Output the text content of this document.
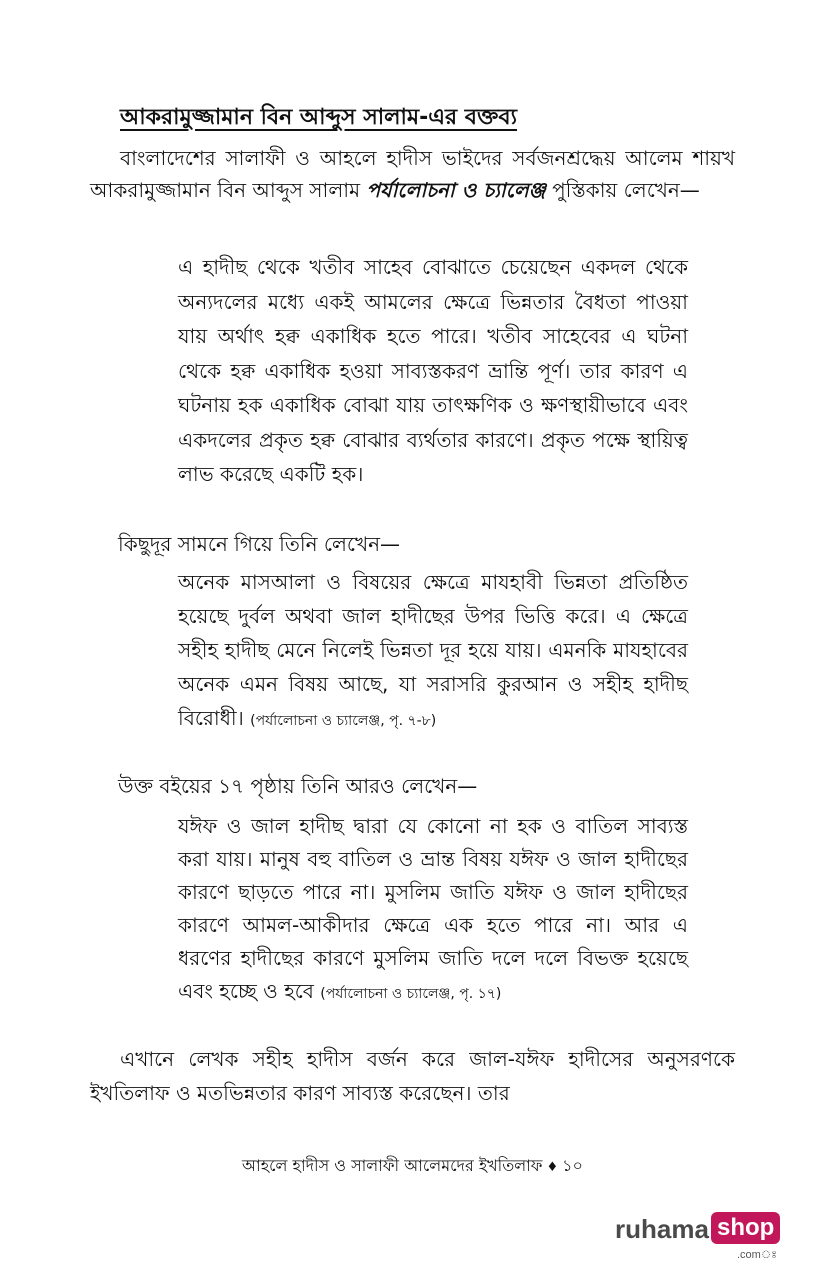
আকরামুজ্জামান বিন আব্দুস সালাম-এর বক্তব্য
বাংলাদেশের সালাফী ও আহলে হাদীস ভাইদের সর্বজনশ্রদ্ধেয় আলেম শায়খ আকরামুজ্জামান বিন আব্দুস সালাম পর্যালোচনা ও চ্যালেঞ্জ পুস্তিকায় লেখেন—
এ হাদীছ থেকে খতীব সাহেব বোঝাতে চেয়েছেন একদল থেকে অন্যদলের মধ্যে একই আমলের ক্ষেত্রে ভিন্নতার বৈধতা পাওয়া যায় অর্থাৎ হক্ব একাধিক হতে পারে। খতীব সাহেবের এ ঘটনা থেকে হক্ব একাধিক হওয়া সাব্যস্তকরণ ভ্রান্তি পূর্ণ। তার কারণ এ ঘটনায় হক একাধিক বোঝা যায় তাৎক্ষণিক ও ক্ষণস্থায়ীভাবে এবং একদলের প্রকৃত হক্ব বোঝার ব্যর্থতার কারণে। প্রকৃত পক্ষে স্থায়িত্ব লাভ করেছে একটি হক।
কিছুদূর সামনে গিয়ে তিনি লেখেন—
অনেক মাসআলা ও বিষয়ের ক্ষেত্রে মাযহাবী ভিন্নতা প্রতিষ্ঠিত হয়েছে দুর্বল অথবা জাল হাদীছের উপর ভিত্তি করে। এ ক্ষেত্রে সহীহ হাদীছ মেনে নিলেই ভিন্নতা দূর হয়ে যায়। এমনকি মাযহাবের অনেক এমন বিষয় আছে, যা সরাসরি কুরআন ও সহীহ হাদীছ বিরোধী। (পর্যালোচনা ও চ্যালেঞ্জ, পৃ. ৭-৮)
উক্ত বইয়ের ১৭ পৃষ্ঠায় তিনি আরও লেখেন—
যঈফ ও জাল হাদীছ দ্বারা যে কোনো না হক ও বাতিল সাব্যস্ত করা যায়। মানুষ বহু বাতিল ও ভ্রান্ত বিষয় যঈফ ও জাল হাদীছের কারণে ছাড়তে পারে না। মুসলিম জাতি যঈফ ও জাল হাদীছের কারণে আমল-আকীদার ক্ষেত্রে এক হতে পারে না। আর এ ধরণের হাদীছের কারণে মুসলিম জাতি দলে দলে বিভক্ত হয়েছে এবং হচ্ছে ও হবে (পর্যালোচনা ও চ্যালেঞ্জ, পৃ. ১৭)
এখানে লেখক সহীহ হাদীস বর্জন করে জাল-যঈফ হাদীসের অনুসরণকে ইখতিলাফ ও মতভিন্নতার কারণ সাব্যস্ত করেছেন। তার
আহলে হাদীস ও সালাফী আলেমদের ইখতিলাফ ♦ ১০
ruhama shop
.comঃ
